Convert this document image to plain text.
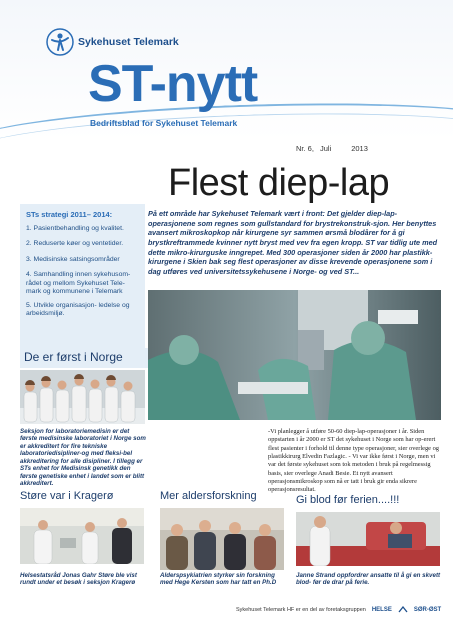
Sykehuset Telemark
ST-nytt
Bedriftsblad for Sykehuset Telemark
Nr. 6, Juli	2013
STs strategi 2011– 2014:
1. Pasientbehandling og kvalitet.
2. Reduserte køer og ventetider.
3. Medisinske satsingsområder
4. Samhandling innen sykehusom-rådet og mellom Sykehuset Tele-mark og kommunene i Telemark
5. Utvikle organisasjon- ledelse og arbeidsmiljø.
De er først i Norge
Seksjon for laboratoriemedisin er det første medisinske laboratoriet i Norge som er akkreditert for fire tekniske laboratoriedisipliner-og med fleksi-bel akkreditering for alle disipliner. I tillegg er STs enhet for Medisinsk genetikk den første genetiske enhet i landet som er blitt akkreditert.
Flest diep-lap
På ett område har Sykehuset Telemark vært i front: Det gjelder diep-lap-operasjonene som regnes som gullstandard for brystrekonstruk-sjon. Her benyttes avansert mikroskopkop når kirurgene syr sammen ørsmå blodårer for å gi brystkreftrammede kvinner nytt bryst med vev fra egen kropp. ST var tidlig ute med dette mikro-kirurguske inngrepet. Med 300 operasjoner siden år 2000 har plastikk-kirurgene i Skien bak seg flest operasjoner av disse krevende operasjonene som i dag utføres ved universitetssykehusene i Norge- og ved ST...
-Vi planlegger å utføre 50-60 diep-lap-operasjoner i år. Siden oppstarten i år 2000 er ST det sykehuset i Norge som har op-erert flest pasienter i forhold til denne type operasjoner, sier overlege og plastikkirurg Elvedin Fazlagic. - Vi var ikke først i Norge, men vi var det første sykehuset som tok metoden i bruk på regelmessig basis, sier overlege Anadi Besie. Et nytt avansert operasjonsmikroskop som nå er tatt i bruk gir enda sikrere operasjonsresultat.
Støre var i Kragerø
Helsestatsråd Jonas Gahr Støre ble vist rundt under et besøk i seksjon Kragerø
Mer aldersforskning
Alderspsykiatrien styrker sin forskning med Hege Kersten som har tatt en Ph.D
Gi blod før ferien....!!!
Janne Strand oppfordrer ansatte til å gi en skvett blod- før de drar på ferie.
Sykehuset Telemark HF er en del av foretaksgruppen HELSE	SØR-ØST
